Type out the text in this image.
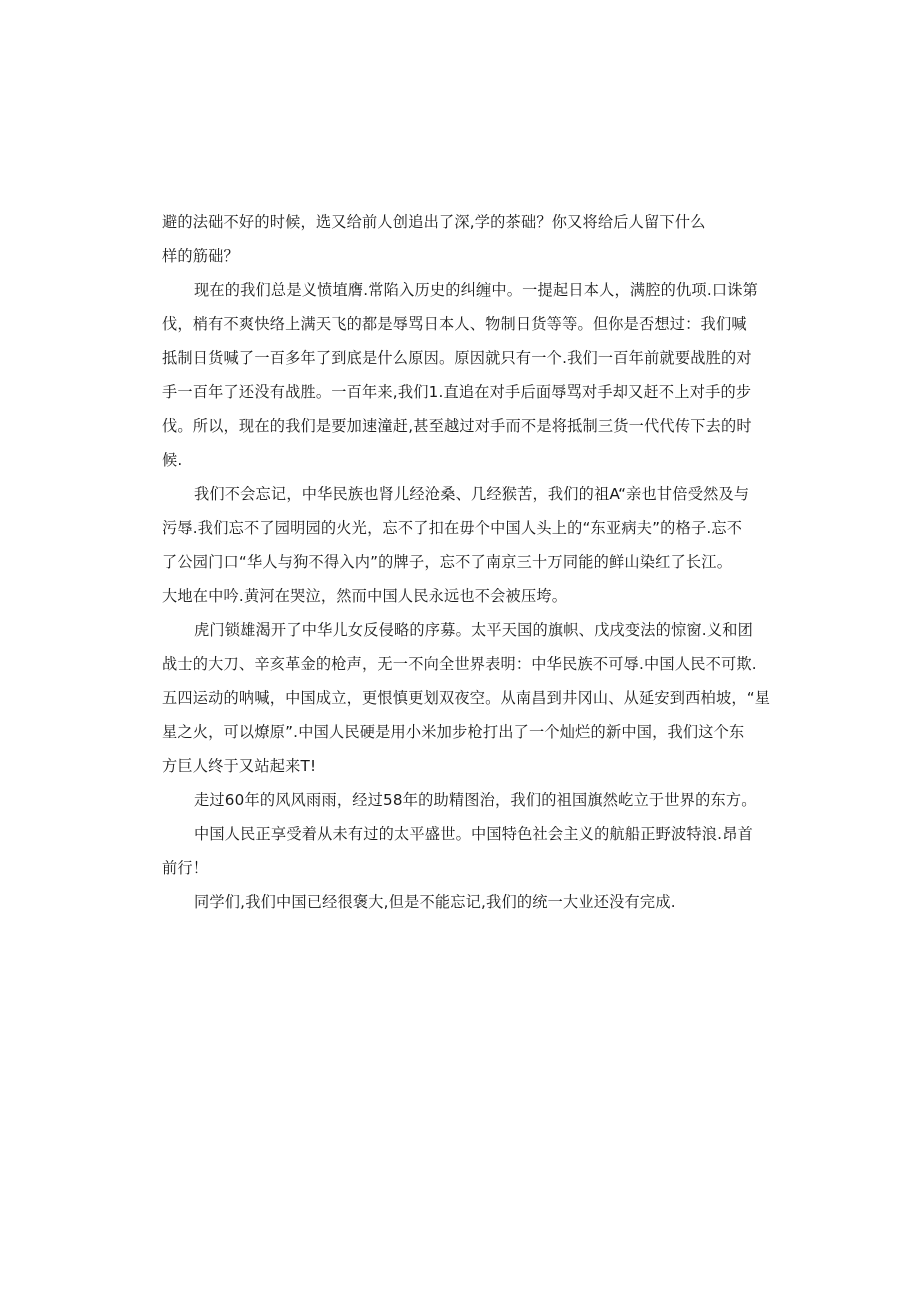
避的法础不好的时候，选又给前人创追出了深,学的茶础？你又将给后人留下什么
样的筋础？
现在的我们总是义愤埴膺.常陷入历史的纠缠中。一提起日本人，满腔的仇项.口诛第
伐，梢有不爽快络上满天飞的都是辱骂日本人、物制日货等等。但你是否想过：我们喊
抵制日货喊了一百多年了到底是什么原因。原因就只有一个.我们一百年前就要战胜的对
手一百年了还没有战胜。一百年来,我们1.直追在对手后面辱骂对手却又赶不上对手的步
伐。所以，现在的我们是要加速潼赶,甚至越过对手而不是将抵制三货一代代传下去的时
候.
我们不会忘记，中华民族也肾儿经沧桑、几经猴苦，我们的祖A“亲也甘倍受然及与
污辱.我们忘不了园明园的火光，忘不了扣在毋个中国人头上的“东亚病夫”的格子.忘不
了公园门口“华人与狗不得入内”的牌子，忘不了南京三十万同能的鲜山染红了长江。
大地在中吟.黄河在哭泣，然而中国人民永远也不会被压垮。
虎门锁雄渴开了中华儿女反侵略的序募。太平天国的旗帜、戊戌变法的惊窗.义和团
战士的大刀、辛亥革金的枪声，无一不向全世界表明：中华民族不可辱.中国人民不可欺.
五四运动的呐喊，中国成立，更恨慎更划双夜空。从南昌到井冈山、从延安到西柏坡，“星
星之火，可以燎原”.中国人民硬是用小米加步枪打出了一个灿烂的新中国，我们这个东
方巨人终于又站起来T!
走过60年的风风雨雨，经过58年的助精图治，我们的祖国旗然屹立于世界的东方。
中国人民正享受着从未有过的太平盛世。中国特色社会主义的航船正野波特浪.昂首
前行！
同学们,我们中国已经很褒大,但是不能忘记,我们的统一大业还没有完成.
